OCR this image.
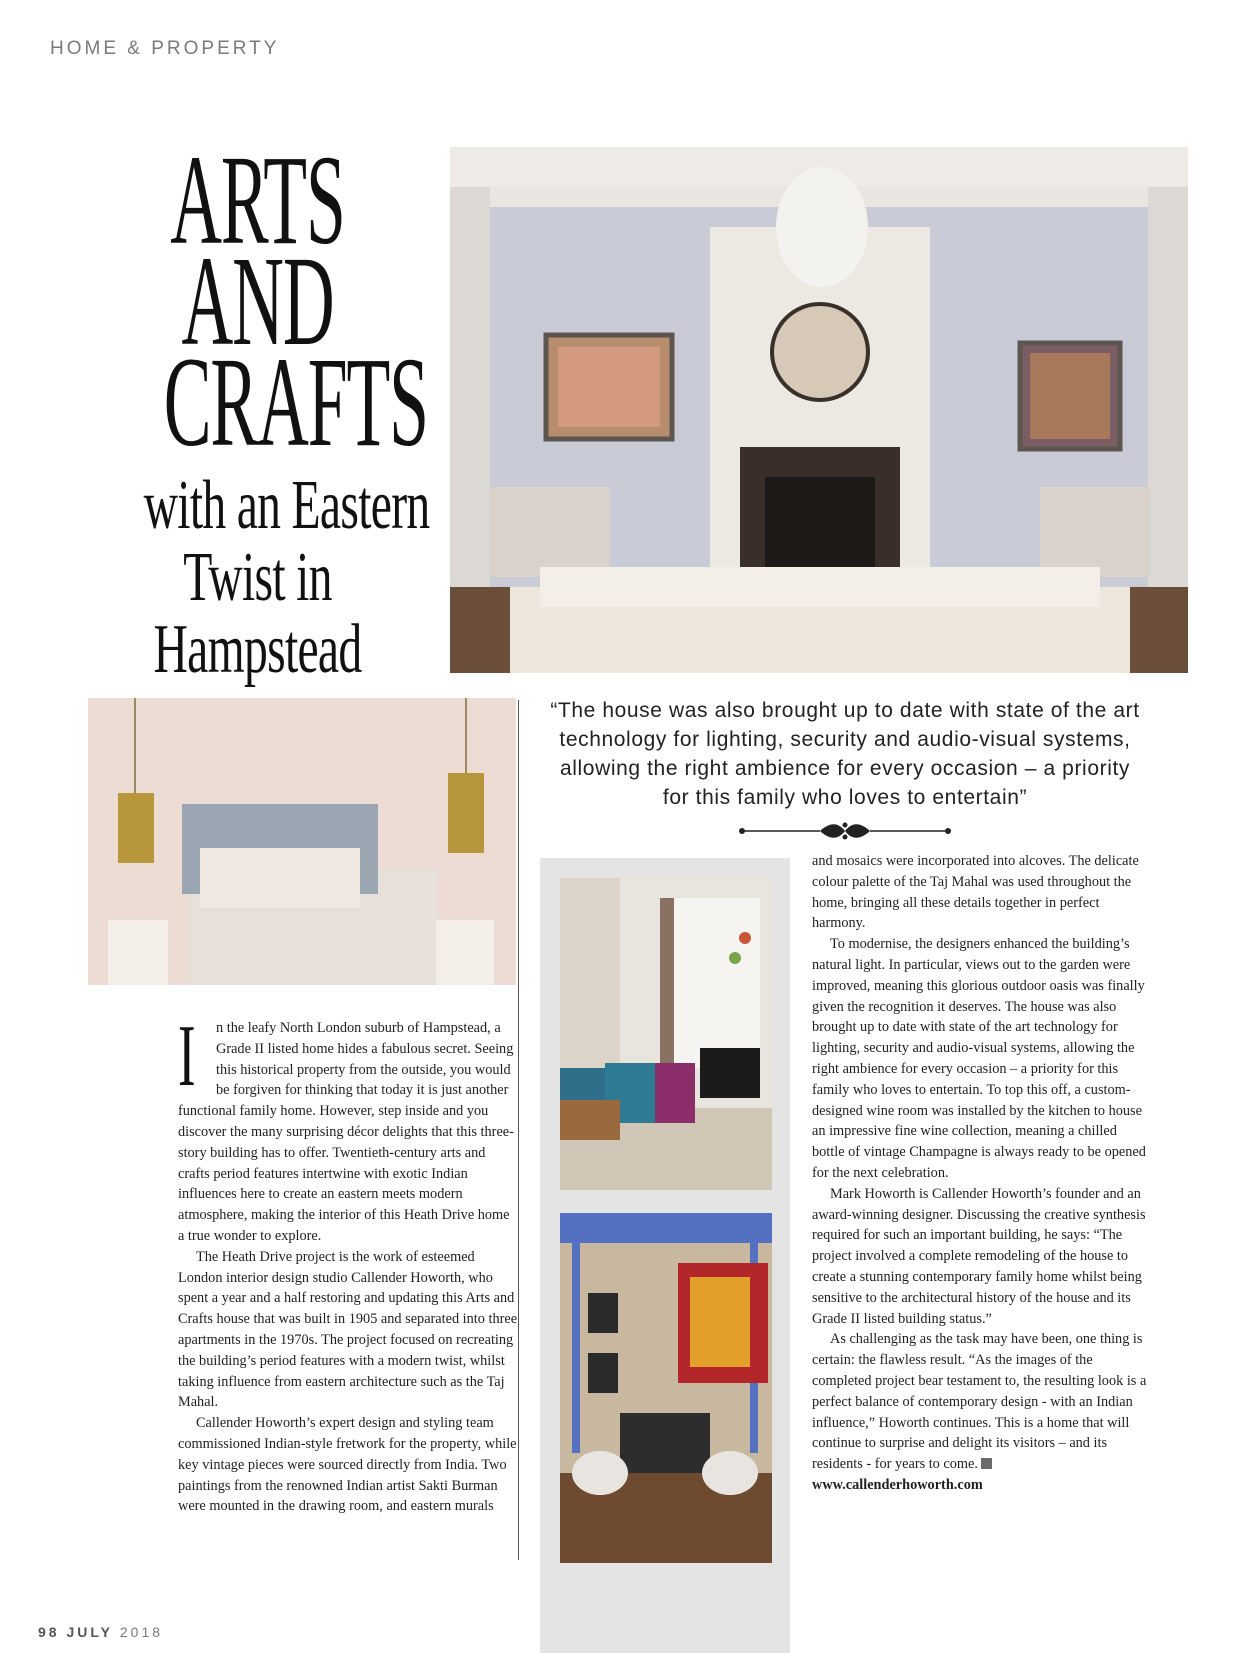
HOME & PROPERTY
ARTS
AND
CRAFTS
with an Eastern
Twist in
Hampstead
“The house was also brought up to date with state of the art technology for lighting, security and audio-visual systems, allowing the right ambience for every occasion – a priority for this family who loves to entertain”

I n the leafy North London suburb of Hampstead, a Grade II listed home hides a fabulous secret. Seeing this historical property from the outside, you would be forgiven for thinking that today it is just another functional family home. However, step inside and you discover the many surprising décor delights that this three-story building has to offer. Twentieth-century arts and crafts period features intertwine with exotic Indian influences here to create an eastern meets modern atmosphere, making the interior of this Heath Drive home a true wonder to explore.

The Heath Drive project is the work of esteemed London interior design studio Callender Howorth, who spent a year and a half restoring and updating this Arts and Crafts house that was built in 1905 and separated into three apartments in the 1970s. The project focused on recreating the building’s period features with a modern twist, whilst taking influence from eastern architecture such as the Taj Mahal.

Callender Howorth’s expert design and styling team commissioned Indian-style fretwork for the property, while key vintage pieces were sourced directly from India. Two paintings from the renowned Indian artist Sakti Burman were mounted in the drawing room, and eastern murals

and mosaics were incorporated into alcoves. The delicate colour palette of the Taj Mahal was used throughout the home, bringing all these details together in perfect harmony.

To modernise, the designers enhanced the building’s natural light. In particular, views out to the garden were improved, meaning this glorious outdoor oasis was finally given the recognition it deserves. The house was also brought up to date with state of the art technology for lighting, security and audio-visual systems, allowing the right ambience for every occasion – a priority for this family who loves to entertain. To top this off, a custom-designed wine room was installed by the kitchen to house an impressive fine wine collection, meaning a chilled bottle of vintage Champagne is always ready to be opened for the next celebration.

Mark Howorth is Callender Howorth’s founder and an award-winning designer. Discussing the creative synthesis required for such an important building, he says: “The project involved a complete remodeling of the house to create a stunning contemporary family home whilst being sensitive to the architectural history of the house and its Grade II listed building status.”

As challenging as the task may have been, one thing is certain: the flawless result. “As the images of the completed project bear testament to, the resulting look is a perfect balance of contemporary design - with an Indian influence,” Howorth continues. This is a home that will continue to surprise and delight its visitors – and its residents - for years to come.

www.callenderhoworth.com

98 JULY 2018
